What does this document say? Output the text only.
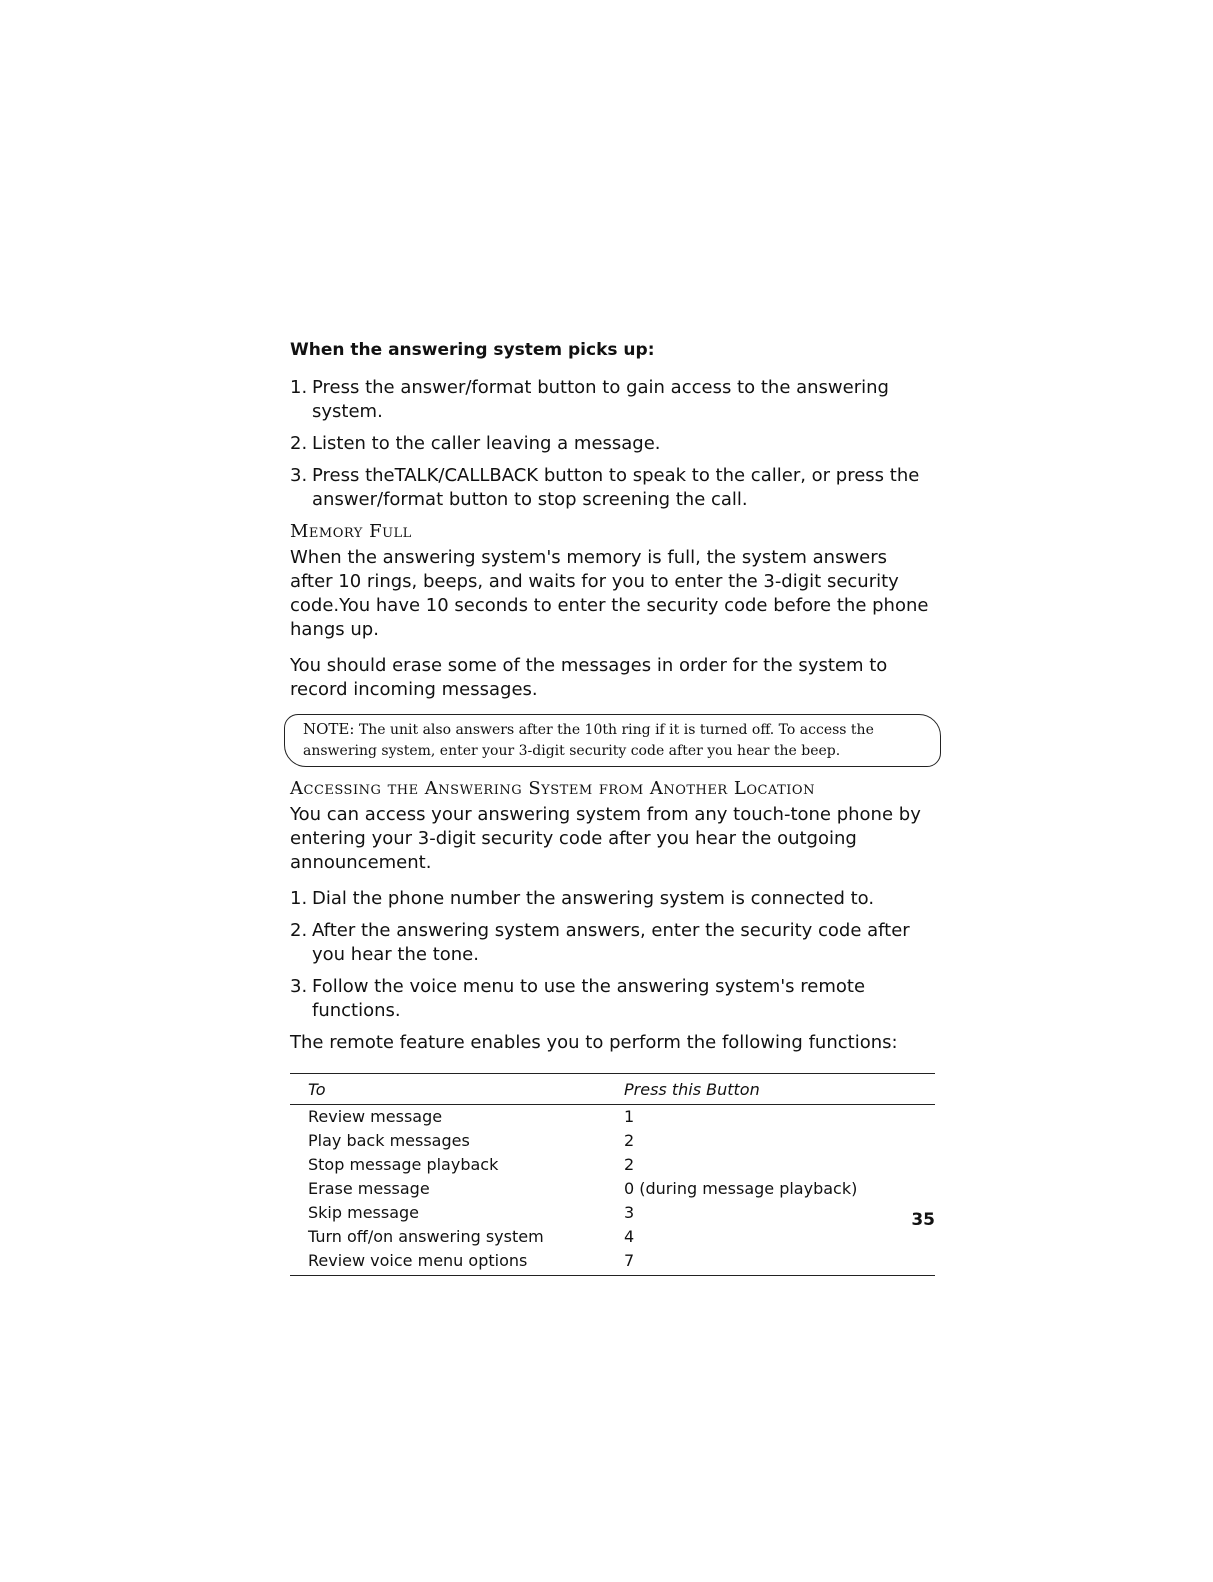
When the answering system picks up:
1. Press the answer/format button to gain access to the answering system.
2. Listen to the caller leaving a message.
3. Press theTALK/CALLBACK button to speak to the caller, or press the answer/format button to stop screening the call.
Memory Full

When the answering system's memory is full, the system answers after 10 rings, beeps, and waits for you to enter the 3-digit security code.You have 10 seconds to enter the security code before the phone hangs up.

You should erase some of the messages in order for the system to record incoming messages.

NOTE: The unit also answers after the 10th ring if it is turned off. To access the answering system, enter your 3-digit security code after you hear the beep.
Accessing the Answering System from Another Location

You can access your answering system from any touch-tone phone by entering your 3-digit security code after you hear the outgoing announcement.

1. Dial the phone number the answering system is connected to.
2. After the answering system answers, enter the security code after you hear the tone.
3. Follow the voice menu to use the answering system's remote functions.
The remote feature enables you to perform the following functions:
To	Press this Button
Review message	1
Play back messages	2
Stop message playback	2
Erase message	0 (during message playback)
Skip message	3
Turn off/on answering system	4
Review voice menu options	7
35
